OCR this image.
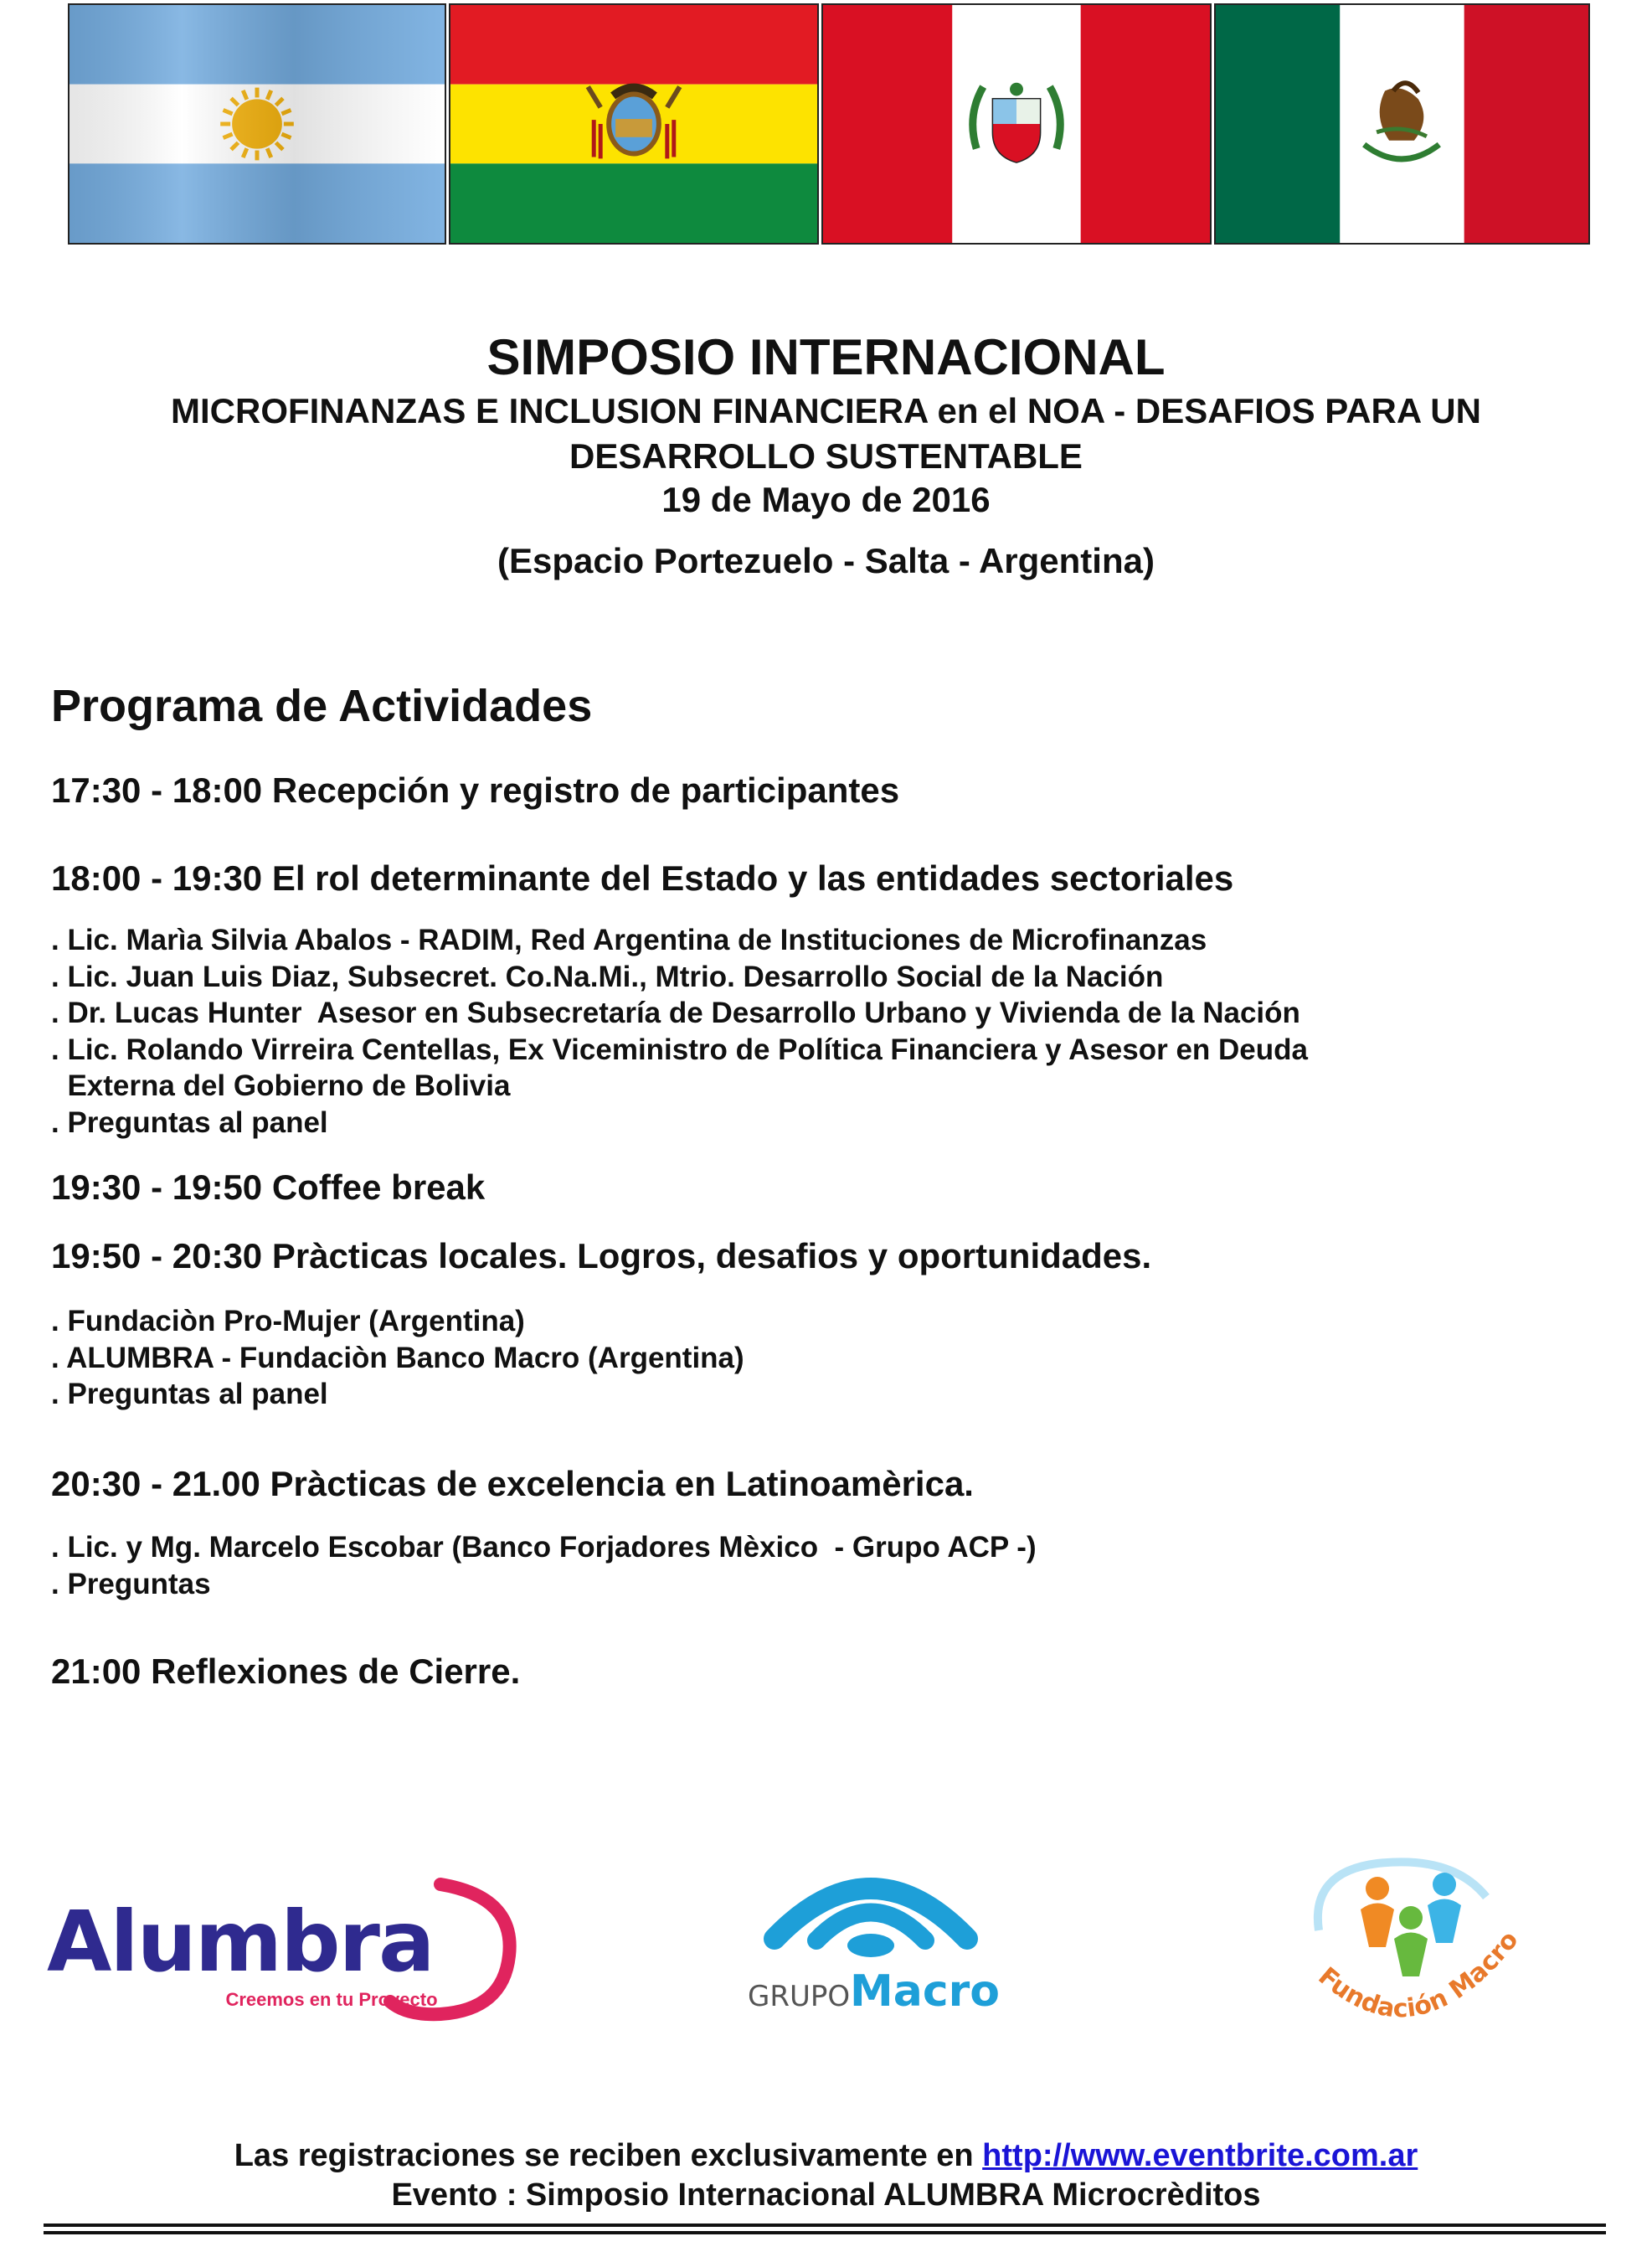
SIMPOSIO INTERNACIONAL
MICROFINANZAS E INCLUSION FINANCIERA en el NOA - DESAFIOS PARA UN DESARROLLO SUSTENTABLE
19 de Mayo de 2016
(Espacio Portezuelo - Salta - Argentina)
Programa de Actividades
17:30 - 18:00 Recepción y registro de participantes
18:00 - 19:30 El rol determinante del Estado y las entidades sectoriales
. Lic. Marìa Silvia Abalos - RADIM, Red Argentina de Instituciones de Microfinanzas
. Lic. Juan Luis Diaz, Subsecret. Co.Na.Mi., Mtrio. Desarrollo Social de la Nación
. Dr. Lucas Hunter  Asesor en Subsecretaría de Desarrollo Urbano y Vivienda de la Nación
. Lic. Rolando Virreira Centellas, Ex Viceministro de Política Financiera y Asesor en Deuda
Externa del Gobierno de Bolivia
. Preguntas al panel
19:30 - 19:50 Coffee break
19:50 - 20:30 Pràcticas locales. Logros, desafios y oportunidades.
. Fundaciòn Pro-Mujer (Argentina)
. ALUMBRA - Fundaciòn Banco Macro (Argentina)
. Preguntas al panel
20:30 - 21.00 Pràcticas de excelencia en Latinoamèrica.
. Lic. y Mg. Marcelo Escobar (Banco Forjadores Mèxico  - Grupo ACP -)
. Preguntas
21:00 Reflexiones de Cierre.
Alumbra
Creemos en tu Proyecto	GRUPO Macro	Fundación Macro
Las registraciones se reciben exclusivamente en http://www.eventbrite.com.ar
Evento : Simposio Internacional ALUMBRA Microcrèditos
